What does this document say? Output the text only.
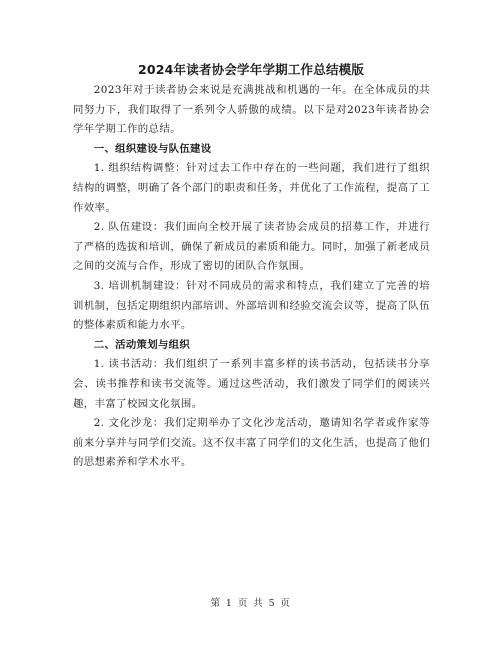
2024年读者协会学年学期工作总结模版

2023年对于读者协会来说是充满挑战和机遇的一年。在全体成员的共同努力下，我们取得了一系列令人骄傲的成绩。以下是对2023年读者协会学年学期工作的总结。

一、组织建设与队伍建设

1. 组织结构调整：针对过去工作中存在的一些问题，我们进行了组织结构的调整，明确了各个部门的职责和任务，并优化了工作流程，提高了工作效率。

2. 队伍建设：我们面向全校开展了读者协会成员的招募工作，并进行了严格的选拔和培训，确保了新成员的素质和能力。同时，加强了新老成员之间的交流与合作，形成了密切的团队合作氛围。

3. 培训机制建设：针对不同成员的需求和特点，我们建立了完善的培训机制，包括定期组织内部培训、外部培训和经验交流会议等，提高了队伍的整体素质和能力水平。

二、活动策划与组织

1. 读书活动：我们组织了一系列丰富多样的读书活动，包括读书分享会、读书推荐和读书交流等。通过这些活动，我们激发了同学们的阅读兴趣，丰富了校园文化氛围。

2. 文化沙龙：我们定期举办了文化沙龙活动，邀请知名学者或作家等前来分享并与同学们交流。这不仅丰富了同学们的文化生活，也提高了他们的思想素养和学术水平。

第 1 页 共 5 页
